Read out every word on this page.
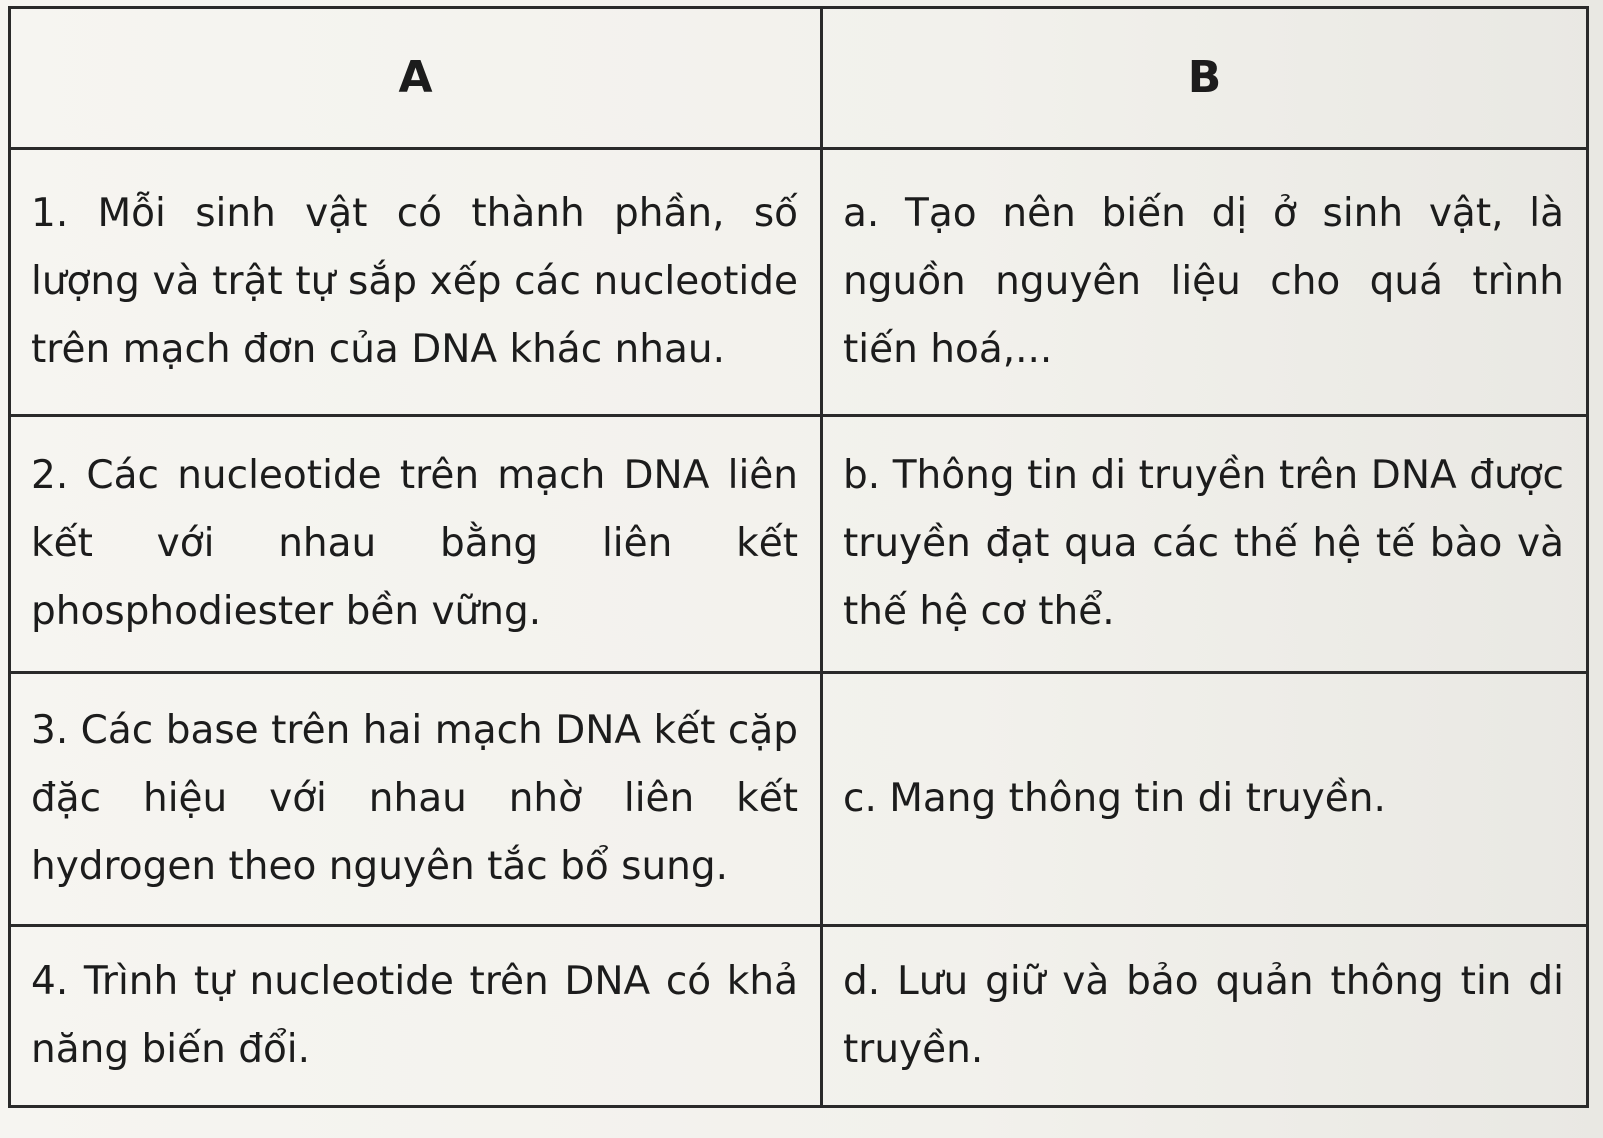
A	B

1. Mỗi sinh vật có thành phần, số lượng và trật tự sắp xếp các nucleotide trên mạch đơn của DNA khác nhau.	a. Tạo nên biến dị ở sinh vật, là nguồn nguyên liệu cho quá trình tiến hoá,...

2. Các nucleotide trên mạch DNA liên kết với nhau bằng liên kết phosphodiester bền vững.	b. Thông tin di truyền trên DNA được truyền đạt qua các thế hệ tế bào và thế hệ cơ thể.

3. Các base trên hai mạch DNA kết cặp đặc hiệu với nhau nhờ liên kết hydrogen theo nguyên tắc bổ sung.	c. Mang thông tin di truyền.

4. Trình tự nucleotide trên DNA có khả năng biến đổi.	d. Lưu giữ và bảo quản thông tin di truyền.
